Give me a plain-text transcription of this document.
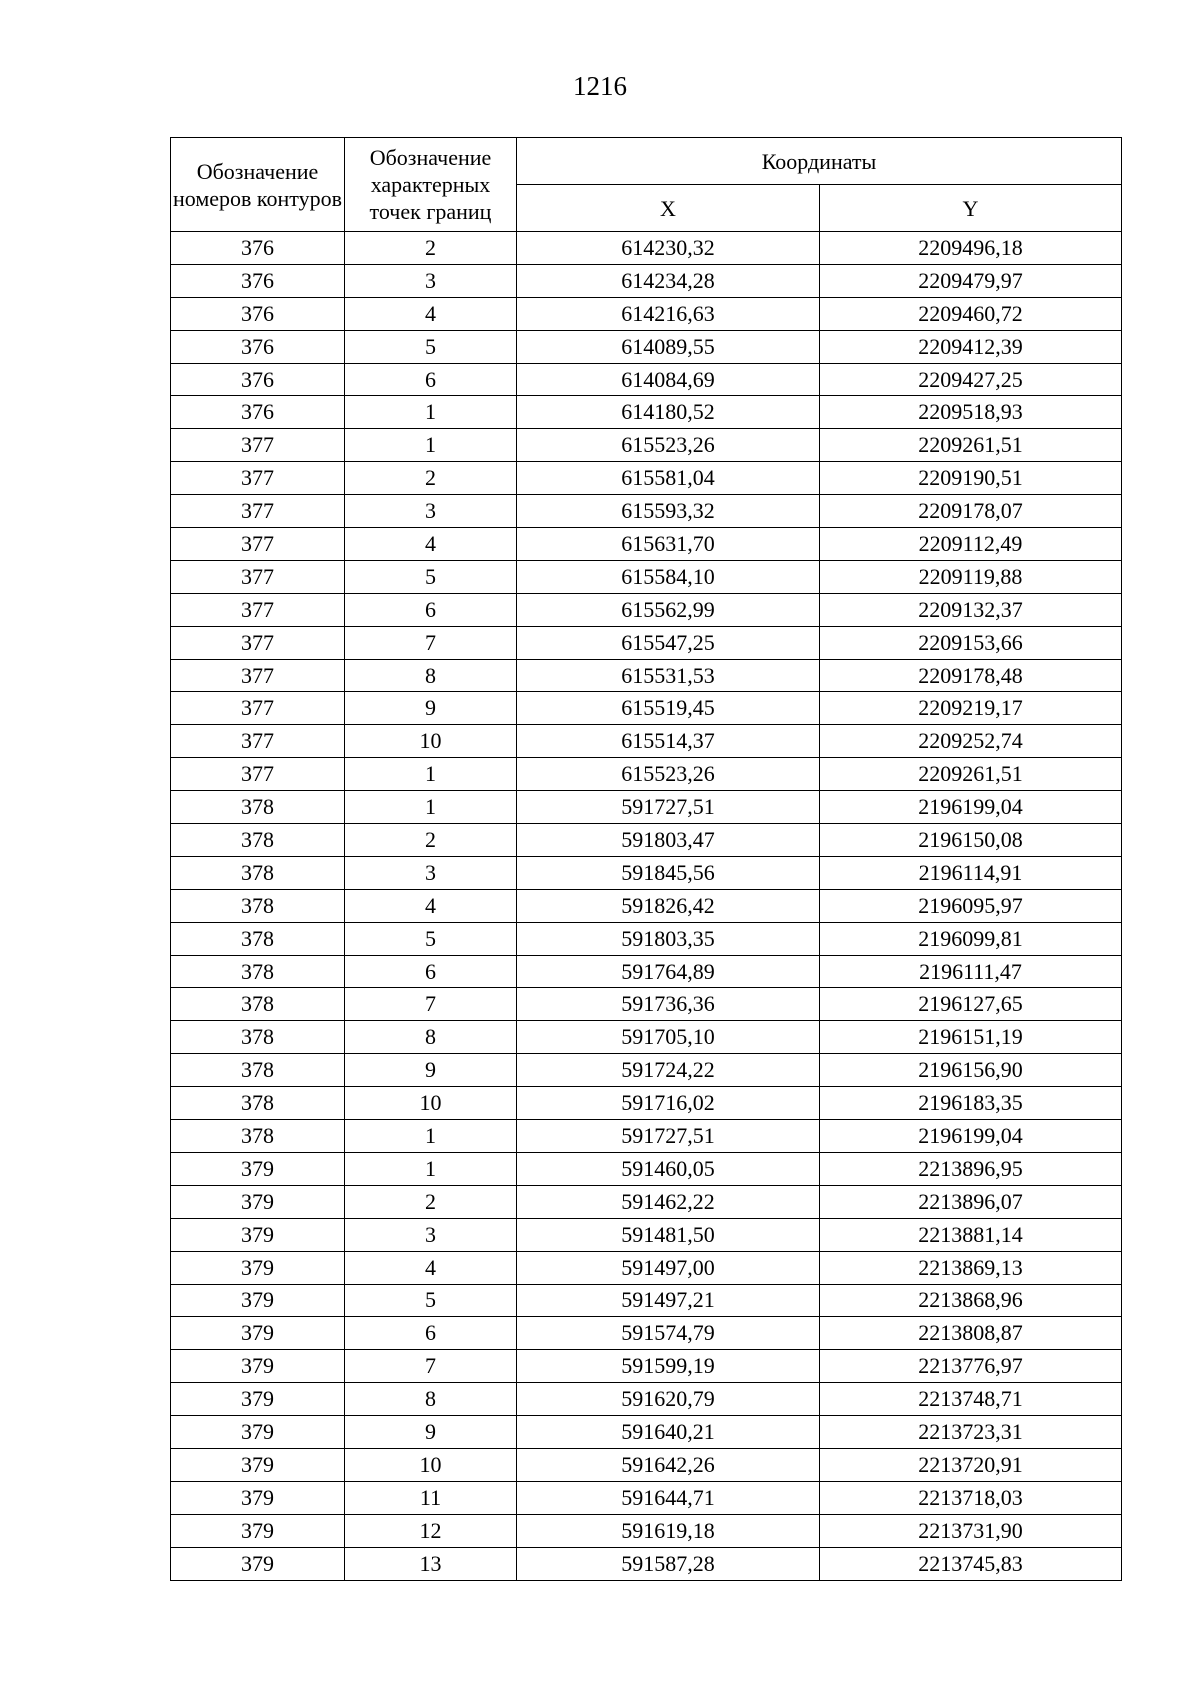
1216
Обозначение номеров контуров	Обозначение характерных точек границ	Координаты	
		X	Y
376	2	614230,32	2209496,18
376	3	614234,28	2209479,97
376	4	614216,63	2209460,72
376	5	614089,55	2209412,39
376	6	614084,69	2209427,25
376	1	614180,52	2209518,93
377	1	615523,26	2209261,51
377	2	615581,04	2209190,51
377	3	615593,32	2209178,07
377	4	615631,70	2209112,49
377	5	615584,10	2209119,88
377	6	615562,99	2209132,37
377	7	615547,25	2209153,66
377	8	615531,53	2209178,48
377	9	615519,45	2209219,17
377	10	615514,37	2209252,74
377	1	615523,26	2209261,51
378	1	591727,51	2196199,04
378	2	591803,47	2196150,08
378	3	591845,56	2196114,91
378	4	591826,42	2196095,97
378	5	591803,35	2196099,81
378	6	591764,89	2196111,47
378	7	591736,36	2196127,65
378	8	591705,10	2196151,19
378	9	591724,22	2196156,90
378	10	591716,02	2196183,35
378	1	591727,51	2196199,04
379	1	591460,05	2213896,95
379	2	591462,22	2213896,07
379	3	591481,50	2213881,14
379	4	591497,00	2213869,13
379	5	591497,21	2213868,96
379	6	591574,79	2213808,87
379	7	591599,19	2213776,97
379	8	591620,79	2213748,71
379	9	591640,21	2213723,31
379	10	591642,26	2213720,91
379	11	591644,71	2213718,03
379	12	591619,18	2213731,90
379	13	591587,28	2213745,83
